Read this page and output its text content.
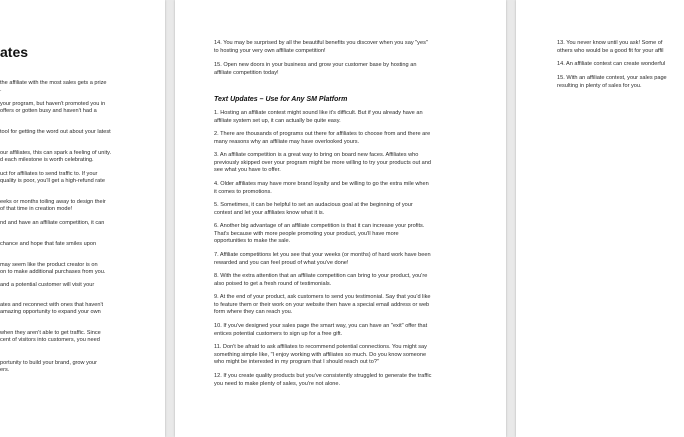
ates
the affiliate with the most sales gets a prize
.
your program, but haven't promoted you in
offers or gotten busy and haven't had a
tool for getting the word out about your latest
our affiliates, this can spark a feeling of unity.
d each milestone is worth celebrating.
uct for affiliates to send traffic to. If your
quality is poor, you'll get a high-refund rate
eeks or months toiling away to design their
of that time in creation mode!
nd and have an affiliate competition, it can
chance and hope that fate smiles upon
may seem like the product creator is on
on to make additional purchases from you.
and a potential customer will visit your
ates and reconnect with ones that haven't
amazing opportunity to expand your own
when they aren't able to get traffic. Since
cent of visitors into customers, you need
portunity to build your brand, grow your
ers.
14. You may be surprised by all the beautiful benefits you discover when you say "yes"
to hosting your very own affiliate competition!
15. Open new doors in your business and grow your customer base by hosting an
affiliate competition today!
Text Updates – Use for Any SM Platform
1. Hosting an affiliate contest might sound like it's difficult. But if you already have an
affiliate system set up, it can actually be quite easy.
2. There are thousands of programs out there for affiliates to choose from and there are
many reasons why an affiliate may have overlooked yours.
3. An affiliate competition is a great way to bring on board new faces. Affiliates who
previously skipped over your program might be more willing to try your products out and
see what you have to offer.
4. Older affiliates may have more brand loyalty and be willing to go the extra mile when
it comes to promotions.
5. Sometimes, it can be helpful to set an audacious goal at the beginning of your
contest and let your affiliates know what it is.
6. Another big advantage of an affiliate competition is that it can increase your profits.
That's because with more people promoting your product, you'll have more
opportunities to make the sale.
7. Affiliate competitions let you see that your weeks (or months) of hard work have been
rewarded and you can feel proud of what you've done!
8. With the extra attention that an affiliate competition can bring to your product, you're
also poised to get a fresh round of testimonials.
9. At the end of your product, ask customers to send you testimonial. Say that you'd like
to feature them or their work on your website then have a special email address or web
form where they can reach you.
10. If you've designed your sales page the smart way, you can have an "exit" offer that
entices potential customers to sign up for a free gift.
11. Don't be afraid to ask affiliates to recommend potential connections. You might say
something simple like, "I enjoy working with affiliates so much. Do you know someone
who might be interested in my program that I should reach out to?"
12. If you create quality products but you've consistently struggled to generate the traffic
you need to make plenty of sales, you're not alone.
13. You never know until you ask! Some of
others who would be a good fit for your affil
14. An affiliate contest can create wonderful
15. With an affiliate contest, your sales page
resulting in plenty of sales for you.
